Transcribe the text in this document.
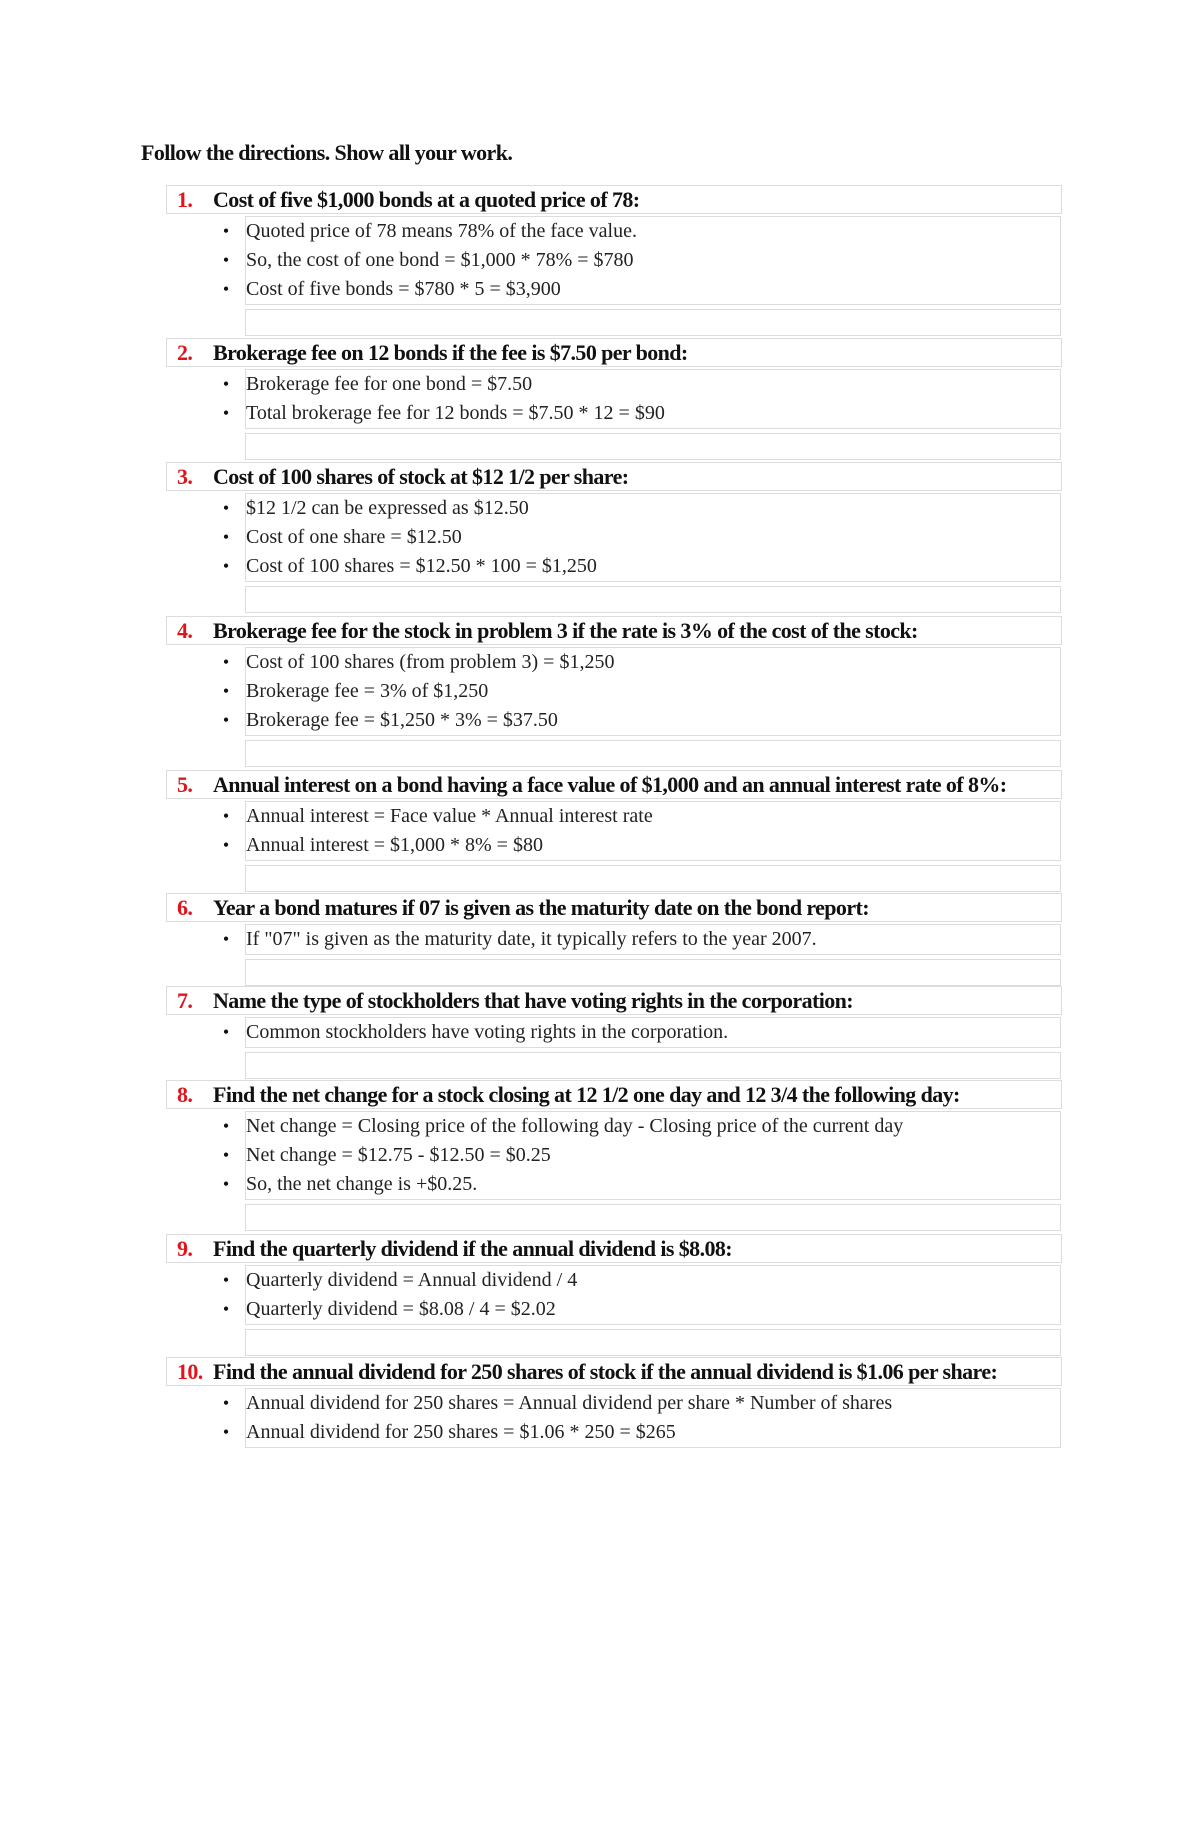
Follow the directions. Show all your work.
1. Cost of five $1,000 bonds at a quoted price of 78:
• Quoted price of 78 means 78% of the face value.
• So, the cost of one bond = $1,000 * 78% = $780
• Cost of five bonds = $780 * 5 = $3,900
2. Brokerage fee on 12 bonds if the fee is $7.50 per bond:
• Brokerage fee for one bond = $7.50
• Total brokerage fee for 12 bonds = $7.50 * 12 = $90
3. Cost of 100 shares of stock at $12 1/2 per share:
• $12 1/2 can be expressed as $12.50
• Cost of one share = $12.50
• Cost of 100 shares = $12.50 * 100 = $1,250
4. Brokerage fee for the stock in problem 3 if the rate is 3% of the cost of the stock:
• Cost of 100 shares (from problem 3) = $1,250
• Brokerage fee = 3% of $1,250
• Brokerage fee = $1,250 * 3% = $37.50
5. Annual interest on a bond having a face value of $1,000 and an annual interest rate of 8%:
• Annual interest = Face value * Annual interest rate
• Annual interest = $1,000 * 8% = $80
6. Year a bond matures if 07 is given as the maturity date on the bond report:
• If "07" is given as the maturity date, it typically refers to the year 2007.
7. Name the type of stockholders that have voting rights in the corporation:
• Common stockholders have voting rights in the corporation.
8. Find the net change for a stock closing at 12 1/2 one day and 12 3/4 the following day:
• Net change = Closing price of the following day - Closing price of the current day
• Net change = $12.75 - $12.50 = $0.25
• So, the net change is +$0.25.
9. Find the quarterly dividend if the annual dividend is $8.08:
• Quarterly dividend = Annual dividend / 4
• Quarterly dividend = $8.08 / 4 = $2.02
10. Find the annual dividend for 250 shares of stock if the annual dividend is $1.06 per share:
• Annual dividend for 250 shares = Annual dividend per share * Number of shares
• Annual dividend for 250 shares = $1.06 * 250 = $265
